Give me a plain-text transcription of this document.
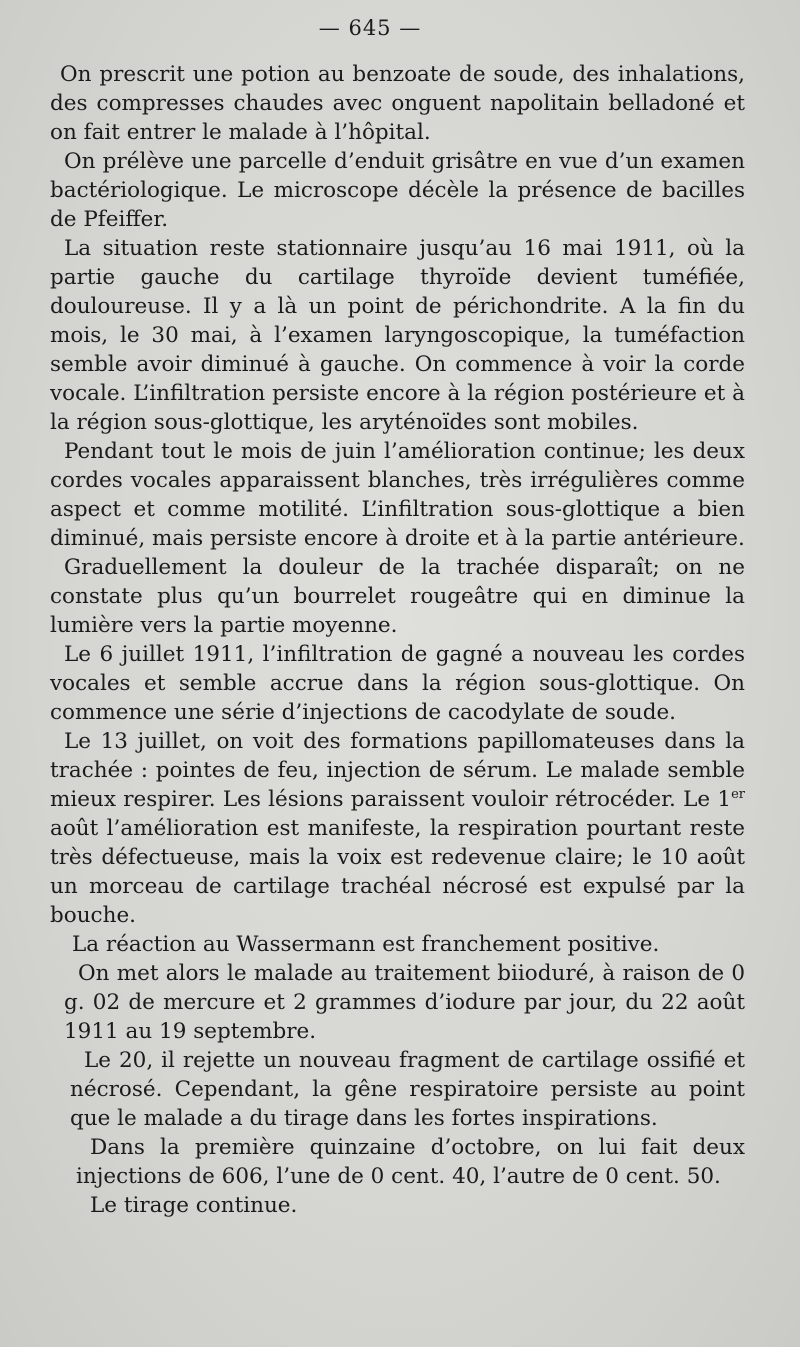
— 645 —

On prescrit une potion au benzoate de soude, des inhalations, des compresses chaudes avec onguent napolitain belladoné et on fait entrer le malade à l’hôpital.

On prélève une parcelle d’enduit grisâtre en vue d’un examen bactériologique. Le microscope décèle la présence de bacilles de Pfeiffer.

La situation reste stationnaire jusqu’au 16 mai 1911, où la partie gauche du cartilage thyroïde devient tuméfiée, douloureuse. Il y a là un point de périchondrite. A la fin du mois, le 30 mai, à l’examen laryngoscopique, la tuméfaction semble avoir diminué à gauche. On commence à voir la corde vocale. L’infiltration persiste encore à la région postérieure et à la région sous-glottique, les aryténoïdes sont mobiles.

Pendant tout le mois de juin l’amélioration continue; les deux cordes vocales apparaissent blanches, très irrégulières comme aspect et comme motilité. L’infiltration sous-glottique a bien diminué, mais persiste encore à droite et à la partie antérieure.

Graduellement la douleur de la trachée disparaît; on ne constate plus qu’un bourrelet rougeâtre qui en diminue la lumière vers la partie moyenne.

Le 6 juillet 1911, l’infiltration de gagné a nouveau les cordes vocales et semble accrue dans la région sous-glottique. On commence une série d’injections de cacodylate de soude.

Le 13 juillet, on voit des formations papillomateuses dans la trachée : pointes de feu, injection de sérum. Le malade semble mieux respirer. Les lésions paraissent vouloir rétrocéder. Le 1er août l’amélioration est manifeste, la respiration pourtant reste très défectueuse, mais la voix est redevenue claire; le 10 août un morceau de cartilage trachéal nécrosé est expulsé par la bouche.

La réaction au Wassermann est franchement positive.

On met alors le malade au traitement biioduré, à raison de 0 g. 02 de mercure et 2 grammes d’iodure par jour, du 22 août 1911 au 19 septembre.

Le 20, il rejette un nouveau fragment de cartilage ossifié et nécrosé. Cependant, la gêne respiratoire persiste au point que le malade a du tirage dans les fortes inspirations.

Dans la première quinzaine d’octobre, on lui fait deux injections de 606, l’une de 0 cent. 40, l’autre de 0 cent. 50.

Le tirage continue.
